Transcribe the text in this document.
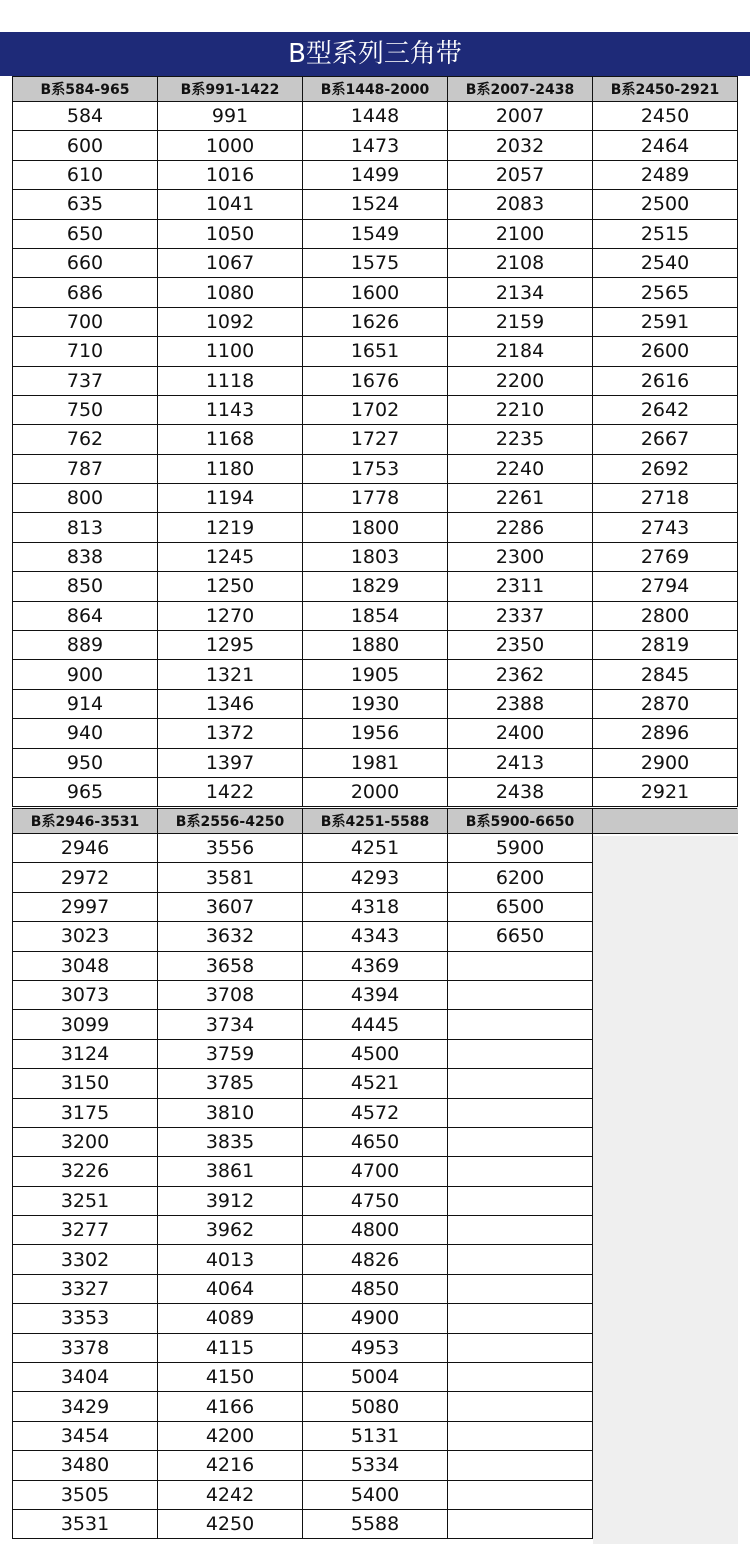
B型系列三角带
B系584-965	B系991-1422	B系1448-2000	B系2007-2438	B系2450-2921
584	991	1448	2007	2450
600	1000	1473	2032	2464
610	1016	1499	2057	2489
635	1041	1524	2083	2500
650	1050	1549	2100	2515
660	1067	1575	2108	2540
686	1080	1600	2134	2565
700	1092	1626	2159	2591
710	1100	1651	2184	2600
737	1118	1676	2200	2616
750	1143	1702	2210	2642
762	1168	1727	2235	2667
787	1180	1753	2240	2692
800	1194	1778	2261	2718
813	1219	1800	2286	2743
838	1245	1803	2300	2769
850	1250	1829	2311	2794
864	1270	1854	2337	2800
889	1295	1880	2350	2819
900	1321	1905	2362	2845
914	1346	1930	2388	2870
940	1372	1956	2400	2896
950	1397	1981	2413	2900
965	1422	2000	2438	2921
B系2946-3531	B系2556-4250	B系4251-5588	B系5900-6650	
2946	3556	4251	5900	
2972	3581	4293	6200	
2997	3607	4318	6500	
3023	3632	4343	6650	
3048	3658	4369		
3073	3708	4394		
3099	3734	4445		
3124	3759	4500		
3150	3785	4521		
3175	3810	4572		
3200	3835	4650		
3226	3861	4700		
3251	3912	4750		
3277	3962	4800		
3302	4013	4826		
3327	4064	4850		
3353	4089	4900		
3378	4115	4953		
3404	4150	5004		
3429	4166	5080		
3454	4200	5131		
3480	4216	5334		
3505	4242	5400		
3531	4250	5588		
